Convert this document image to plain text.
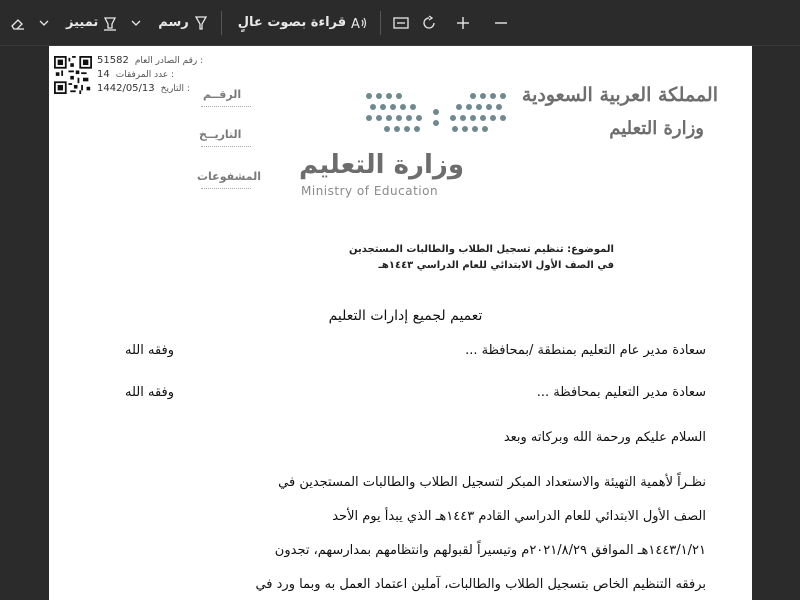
تمييز	رسم	قراءة بصوت عالٍ A
51582 رقم الصادر العام :
14 عدد المرفقات :
1442/05/13 التاريخ : الرقــم
التاريــخ
المشفوعات وزارة التعليم
Ministry of Education
المملكة العربية السعودية
وزارة التعليم
الموضوع: تنظيم تسجيل الطلاب والطالبات المستجدين
في الصف الأول الابتدائي للعام الدراسي ١٤٤٣هـ
تعميم لجميع إدارات التعليم
سعادة مدير عام التعليم بمنطقة /بمحافظة ...
وفقه الله
سعادة مدير التعليم بمحافظة ...
وفقه الله
السلام عليكم ورحمة الله وبركاته وبعد
نظـراً لأهمية التهيئة والاستعداد المبكر لتسجيل الطلاب والطالبات المستجدين في
الصف الأول الابتدائي للعام الدراسي القادم ١٤٤٣هـ الذي يبدأ يوم الأحد
١٤٤٣/١/٢١هـ الموافق ٢٠٢١/٨/٢٩م وتيسيراً لقبولهم وانتظامهم بمدارسهم، تجدون
برفقه التنظيم الخاص بتسجيل الطلاب والطالبات، آملين اعتماد العمل به وبما ورد في
